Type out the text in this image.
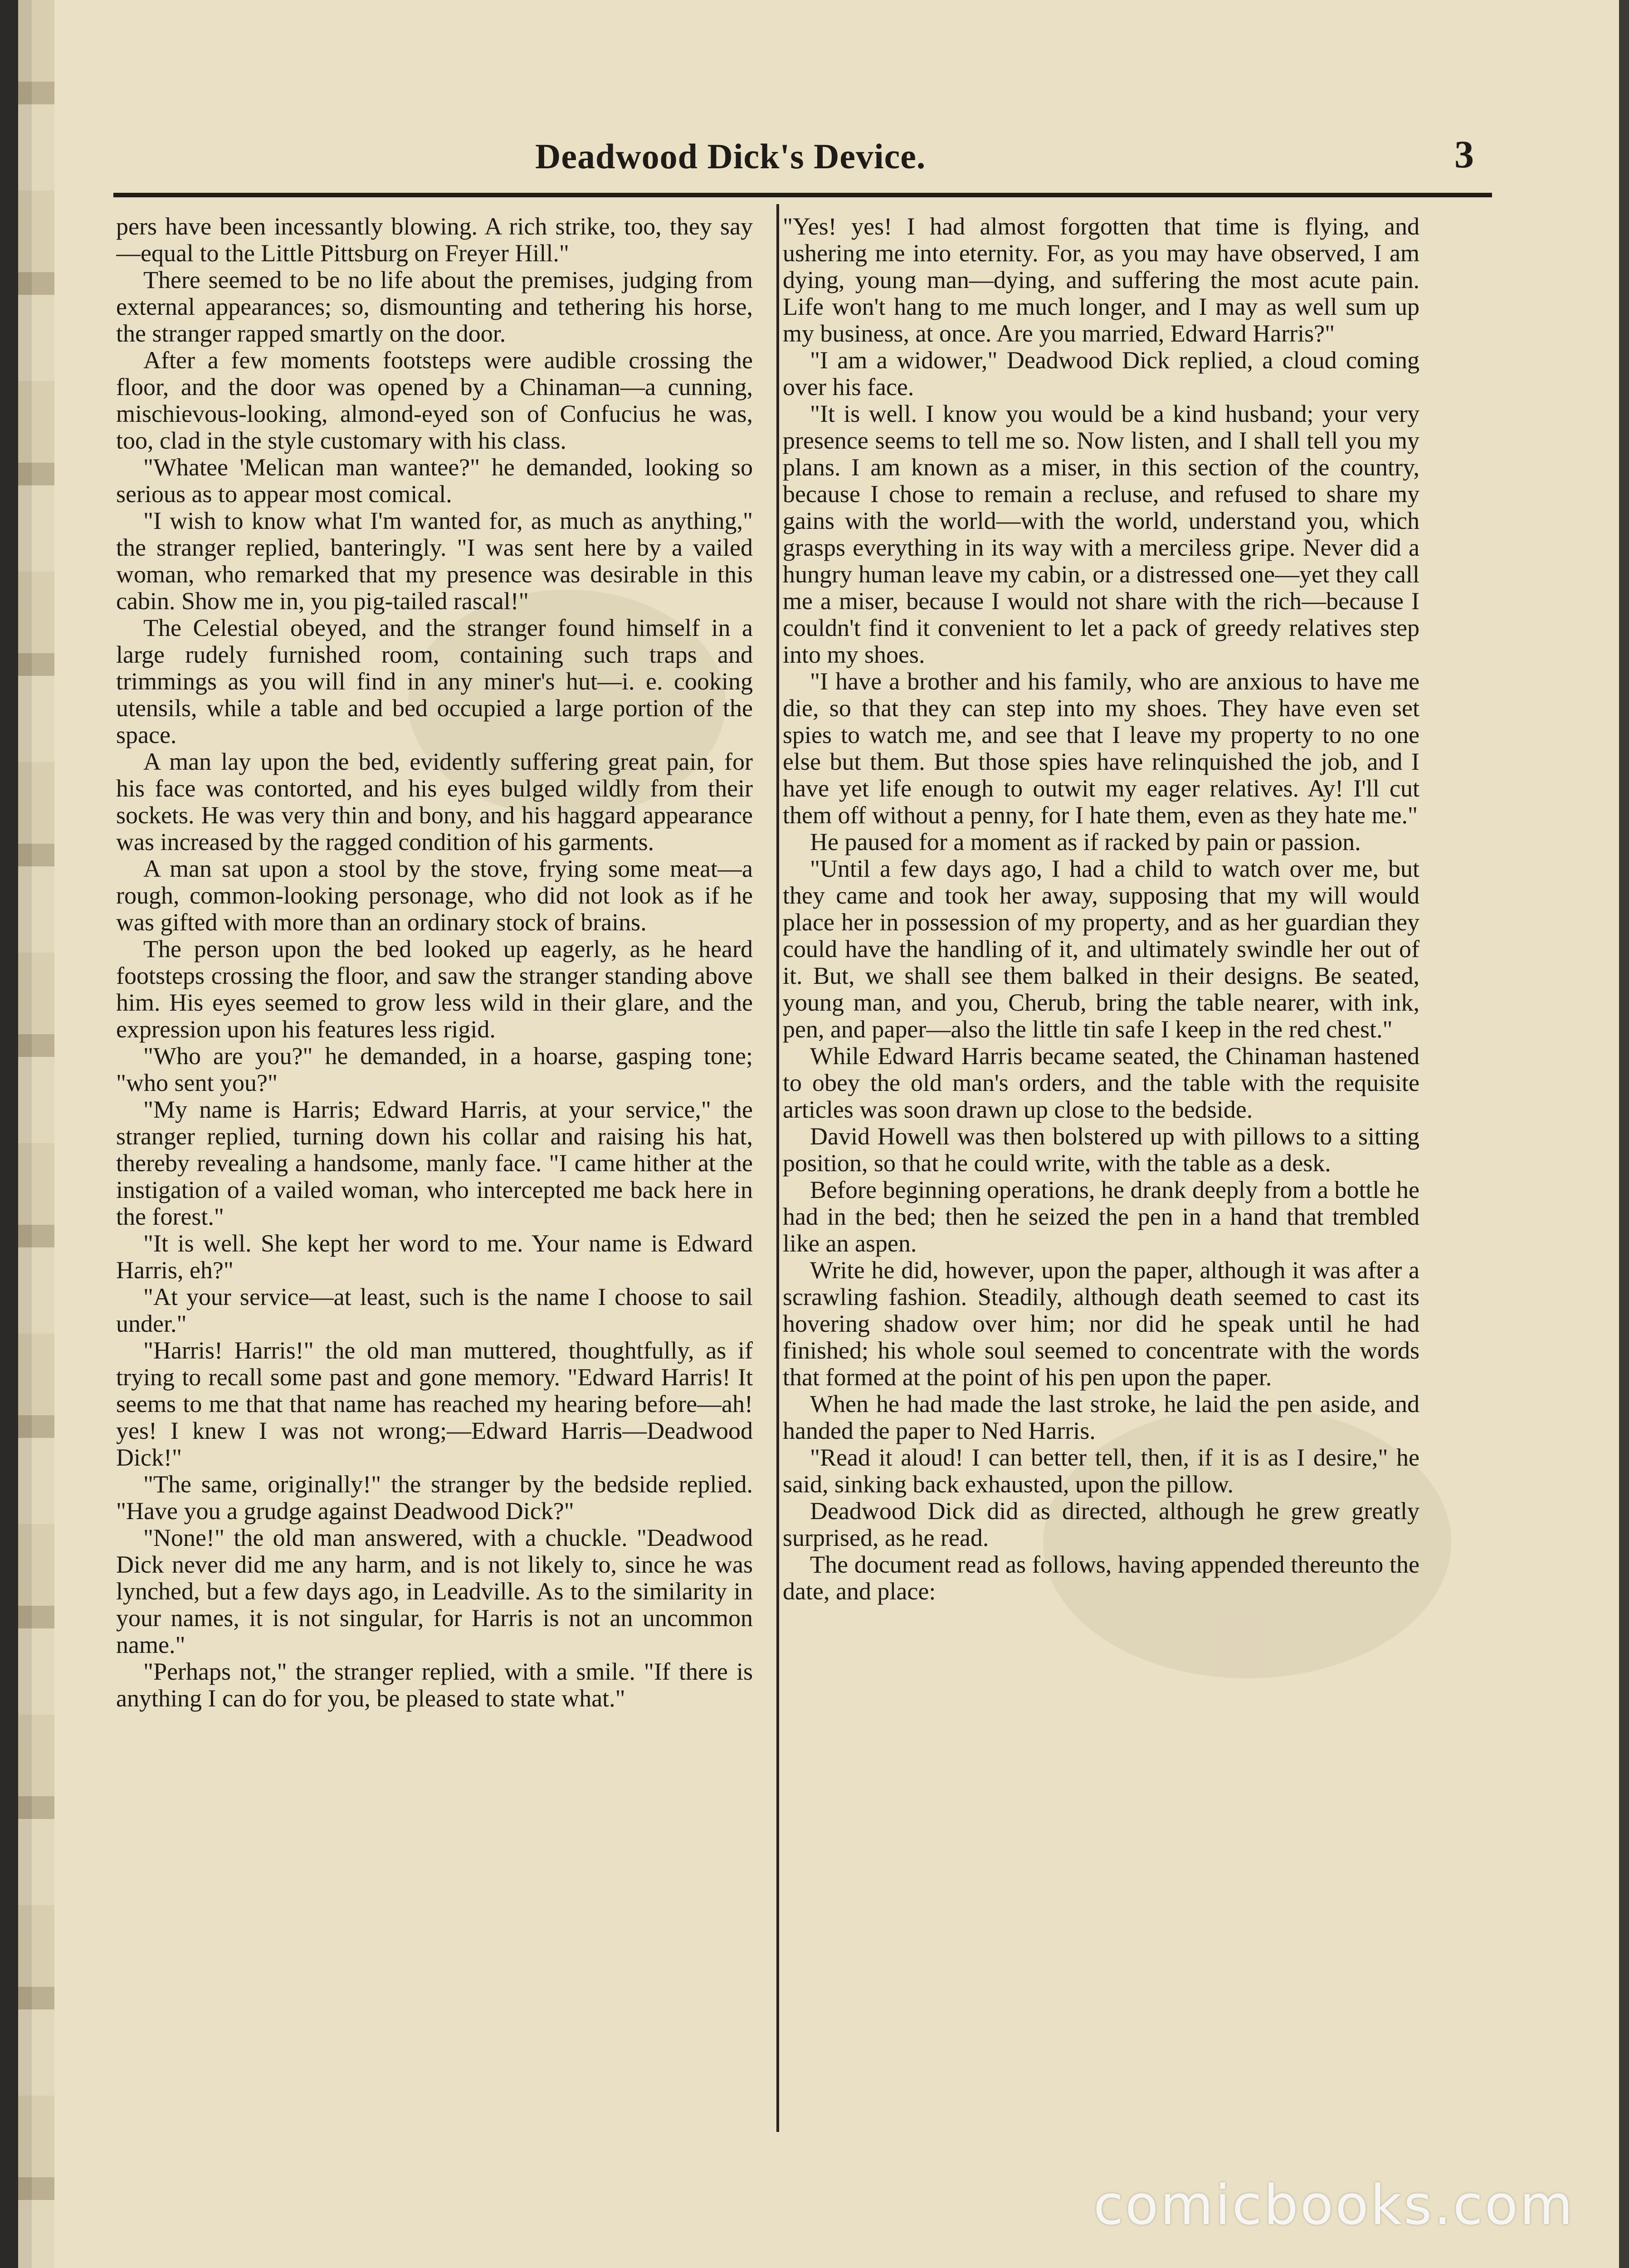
Deadwood Dick's Device.	3

pers have been incessantly blowing. A rich strike, too, they say—equal to the Little Pittsburg on Freyer Hill."

There seemed to be no life about the premises, judging from external appearances; so, dismounting and tethering his horse, the stranger rapped smartly on the door.

After a few moments footsteps were audible crossing the floor, and the door was opened by a Chinaman—a cunning, mischievous-looking, almond-eyed son of Confucius he was, too, clad in the style customary with his class.

"Whatee 'Melican man wantee?" he demanded, looking so serious as to appear most comical.

"I wish to know what I'm wanted for, as much as anything," the stranger replied, banteringly. "I was sent here by a vailed woman, who remarked that my presence was desirable in this cabin. Show me in, you pig-tailed rascal!"

The Celestial obeyed, and the stranger found himself in a large rudely furnished room, containing such traps and trimmings as you will find in any miner's hut—i. e. cooking utensils, while a table and bed occupied a large portion of the space.

A man lay upon the bed, evidently suffering great pain, for his face was contorted, and his eyes bulged wildly from their sockets. He was very thin and bony, and his haggard appearance was increased by the ragged condition of his garments.

A man sat upon a stool by the stove, frying some meat—a rough, common-looking personage, who did not look as if he was gifted with more than an ordinary stock of brains.

The person upon the bed looked up eagerly, as he heard footsteps crossing the floor, and saw the stranger standing above him. His eyes seemed to grow less wild in their glare, and the expression upon his features less rigid.

"Who are you?" he demanded, in a hoarse, gasping tone; "who sent you?"

"My name is Harris; Edward Harris, at your service," the stranger replied, turning down his collar and raising his hat, thereby revealing a handsome, manly face. "I came hither at the instigation of a vailed woman, who intercepted me back here in the forest."

"It is well. She kept her word to me. Your name is Edward Harris, eh?"

"At your service—at least, such is the name I choose to sail under."

"Harris! Harris!" the old man muttered, thoughtfully, as if trying to recall some past and gone memory. "Edward Harris! It seems to me that that name has reached my hearing before—ah! yes! I knew I was not wrong;—Edward Harris—Deadwood Dick!"

"The same, originally!" the stranger by the bedside replied. "Have you a grudge against Deadwood Dick?"

"None!" the old man answered, with a chuckle. "Deadwood Dick never did me any harm, and is not likely to, since he was lynched, but a few days ago, in Leadville. As to the similarity in your names, it is not singular, for Harris is not an uncommon name."

"Perhaps not," the stranger replied, with a smile. "If there is anything I can do for you, be pleased to state what."

"Yes! yes! I had almost forgotten that time is flying, and ushering me into eternity. For, as you may have observed, I am dying, young man—dying, and suffering the most acute pain. Life won't hang to me much longer, and I may as well sum up my business, at once. Are you married, Edward Harris?"

"I am a widower," Deadwood Dick replied, a cloud coming over his face.

"It is well. I know you would be a kind husband; your very presence seems to tell me so. Now listen, and I shall tell you my plans. I am known as a miser, in this section of the country, because I chose to remain a recluse, and refused to share my gains with the world—with the world, understand you, which grasps everything in its way with a merciless gripe. Never did a hungry human leave my cabin, or a distressed one—yet they call me a miser, because I would not share with the rich—because I couldn't find it convenient to let a pack of greedy relatives step into my shoes.

"I have a brother and his family, who are anxious to have me die, so that they can step into my shoes. They have even set spies to watch me, and see that I leave my property to no one else but them. But those spies have relinquished the job, and I have yet life enough to outwit my eager relatives. Ay! I'll cut them off without a penny, for I hate them, even as they hate me."

He paused for a moment as if racked by pain or passion.

"Until a few days ago, I had a child to watch over me, but they came and took her away, supposing that my will would place her in possession of my property, and as her guardian they could have the handling of it, and ultimately swindle her out of it. But, we shall see them balked in their designs. Be seated, young man, and you, Cherub, bring the table nearer, with ink, pen, and paper—also the little tin safe I keep in the red chest."

While Edward Harris became seated, the Chinaman hastened to obey the old man's orders, and the table with the requisite articles was soon drawn up close to the bedside.

David Howell was then bolstered up with pillows to a sitting position, so that he could write, with the table as a desk.

Before beginning operations, he drank deeply from a bottle he had in the bed; then he seized the pen in a hand that trembled like an aspen.

Write he did, however, upon the paper, although it was after a scrawling fashion. Steadily, although death seemed to cast its hovering shadow over him; nor did he speak until he had finished; his whole soul seemed to concentrate with the words that formed at the point of his pen upon the paper.

When he had made the last stroke, he laid the pen aside, and handed the paper to Ned Harris.

"Read it aloud! I can better tell, then, if it is as I desire," he said, sinking back exhausted, upon the pillow.

Deadwood Dick did as directed, although he grew greatly surprised, as he read.

The document read as follows, having appended thereunto the date, and place:

comicbooks.com
